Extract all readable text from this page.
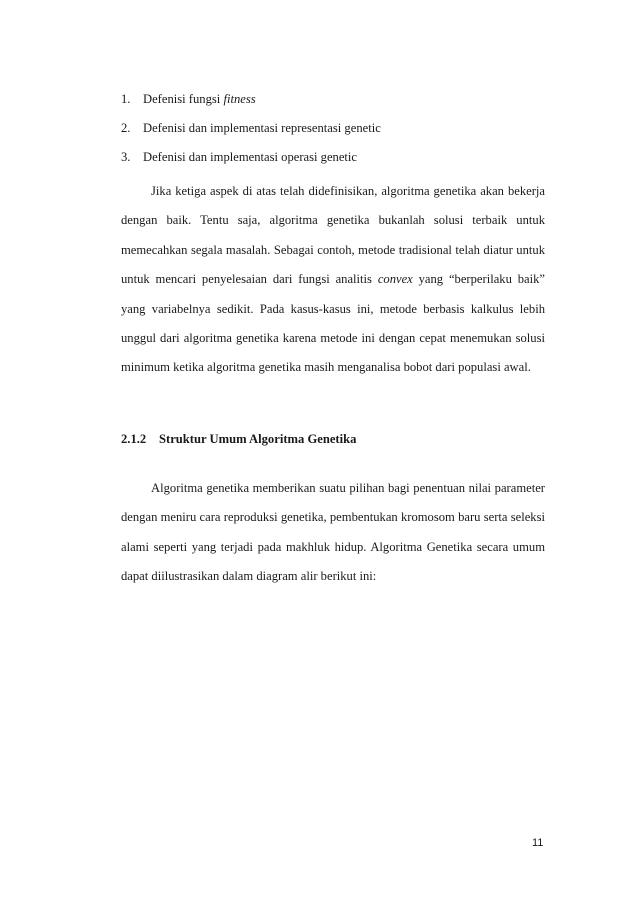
1. Defenisi fungsi fitness
2. Defenisi dan implementasi representasi genetic
3. Defenisi dan implementasi operasi genetic

Jika ketiga aspek di atas telah didefinisikan, algoritma genetika akan bekerja dengan baik. Tentu saja, algoritma genetika bukanlah solusi terbaik untuk memecahkan segala masalah. Sebagai contoh, metode tradisional telah diatur untuk untuk mencari penyelesaian dari fungsi analitis convex yang “berperilaku baik” yang variabelnya sedikit. Pada kasus-kasus ini, metode berbasis kalkulus lebih unggul dari algoritma genetika karena metode ini dengan cepat menemukan solusi minimum ketika algoritma genetika masih menganalisa bobot dari populasi awal.

2.1.2 Struktur Umum Algoritma Genetika

Algoritma genetika memberikan suatu pilihan bagi penentuan nilai parameter dengan meniru cara reproduksi genetika, pembentukan kromosom baru serta seleksi alami seperti yang terjadi pada makhluk hidup. Algoritma Genetika secara umum dapat diilustrasikan dalam diagram alir berikut ini:

11
